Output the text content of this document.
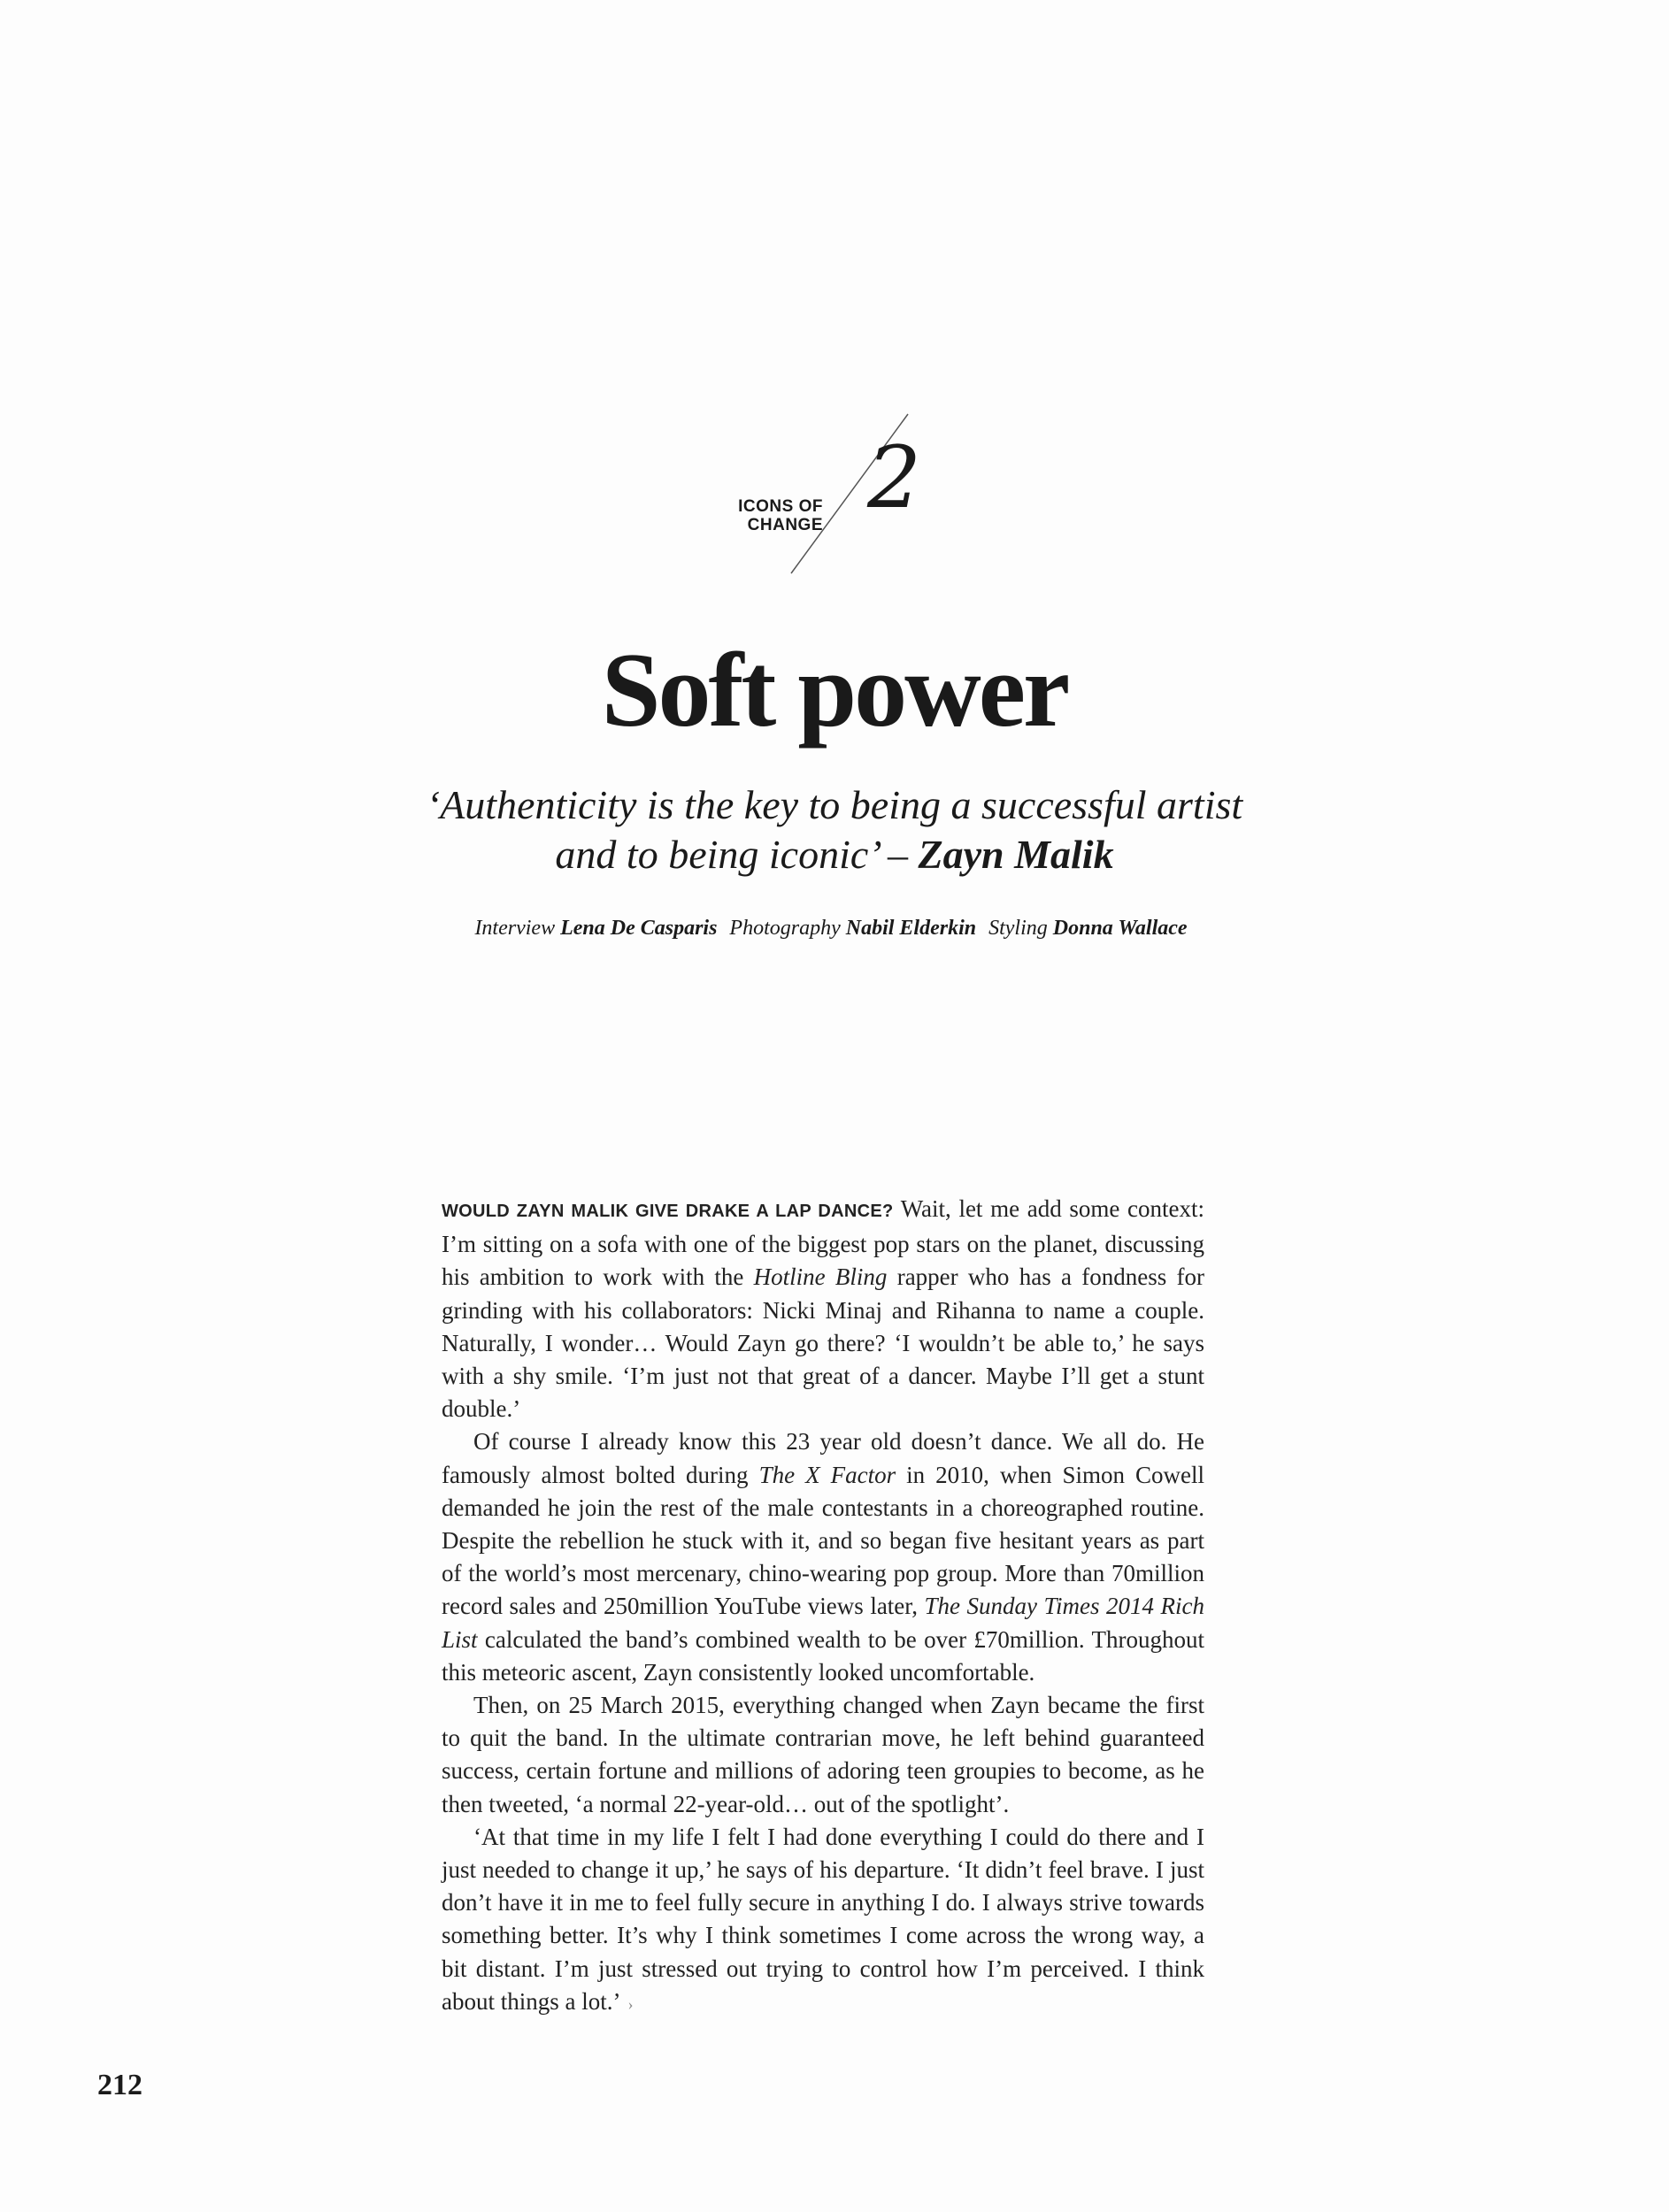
ICONS OF
CHANGE 2
Soft power

‘Authenticity is the key to being a successful artist
and to being iconic’ – Zayn Malik

Interview Lena De Casparis Photography Nabil Elderkin Styling Donna Wallace

WOULD ZAYN MALIK GIVE DRAKE A LAP DANCE? Wait, let me add some context: I’m sitting on a sofa with one of the biggest pop stars on the planet, discussing his ambition to work with the Hotline Bling rapper who has a fondness for grinding with his collaborators: Nicki Minaj and Rihanna to name a couple. Naturally, I wonder… Would Zayn go there? ‘I wouldn’t be able to,’ he says with a shy smile. ‘I’m just not that great of a dancer. Maybe I’ll get a stunt double.’

Of course I already know this 23 year old doesn’t dance. We all do. He famously almost bolted during The X Factor in 2010, when Simon Cowell demanded he join the rest of the male contestants in a choreographed routine. Despite the rebellion he stuck with it, and so began five hesitant years as part of the world’s most mercenary, chino-wearing pop group. More than 70million record sales and 250million YouTube views later, The Sunday Times 2014 Rich List calculated the band’s combined wealth to be over £70million. Throughout this meteoric ascent, Zayn consistently looked uncomfortable.

Then, on 25 March 2015, everything changed when Zayn became the first to quit the band. In the ultimate contrarian move, he left behind guaranteed success, certain fortune and millions of adoring teen groupies to become, as he then tweeted, ‘a normal 22-year-old… out of the spotlight’.

‘At that time in my life I felt I had done everything I could do there and I just needed to change it up,’ he says of his departure. ‘It didn’t feel brave. I just don’t have it in me to feel fully secure in anything I do. I always strive towards something better. It’s why I think sometimes I come across the wrong way, a bit distant. I’m just stressed out trying to control how I’m perceived. I think about things a lot.’ ›

212
